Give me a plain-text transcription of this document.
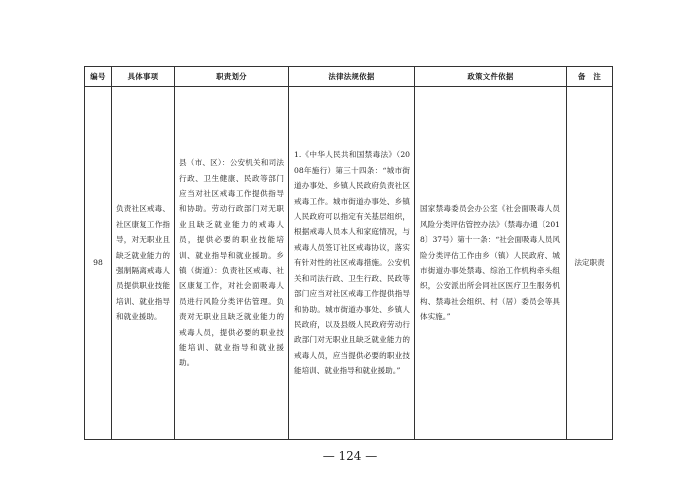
编号	具体事项	职责划分	法律法规依据	政策文件依据	备　注
98	负责社区戒毒、社区康复工作指导，对无职业且缺乏就业能力的强制隔离戒毒人员提供职业技能培训、就业指导和就业援助。	县（市、区）：公安机关和司法行政、卫生健康、民政等部门应当对社区戒毒工作提供指导和协助。劳动行政部门对无职业且缺乏就业能力的戒毒人员，提供必要的职业技能培训、就业指导和就业援助。乡镇（街道）：负责社区戒毒、社区康复工作，对社会面吸毒人员进行风险分类评估管理。负责对无职业且缺乏就业能力的戒毒人员，提供必要的职业技能培训、就业指导和就业援助。	1.《中华人民共和国禁毒法》（2008年施行）第三十四条：“城市街道办事处、乡镇人民政府负责社区戒毒工作。城市街道办事处、乡镇人民政府可以指定有关基层组织，根据戒毒人员本人和家庭情况，与戒毒人员签订社区戒毒协议，落实有针对性的社区戒毒措施。公安机关和司法行政、卫生行政、民政等部门应当对社区戒毒工作提供指导和协助。城市街道办事处、乡镇人民政府，以及县级人民政府劳动行政部门对无职业且缺乏就业能力的戒毒人员，应当提供必要的职业技能培训、就业指导和就业援助。”	国家禁毒委员会办公室《社会面吸毒人员风险分类评估管控办法》（禁毒办通〔2018〕37号）第十一条：“社会面吸毒人员风险分类评估工作由乡（镇）人民政府、城市街道办事处禁毒、综治工作机构牵头组织，公安派出所会同社区医疗卫生服务机构、禁毒社会组织、村（居）委员会等具体实施。”	法定职责
— 124 —
